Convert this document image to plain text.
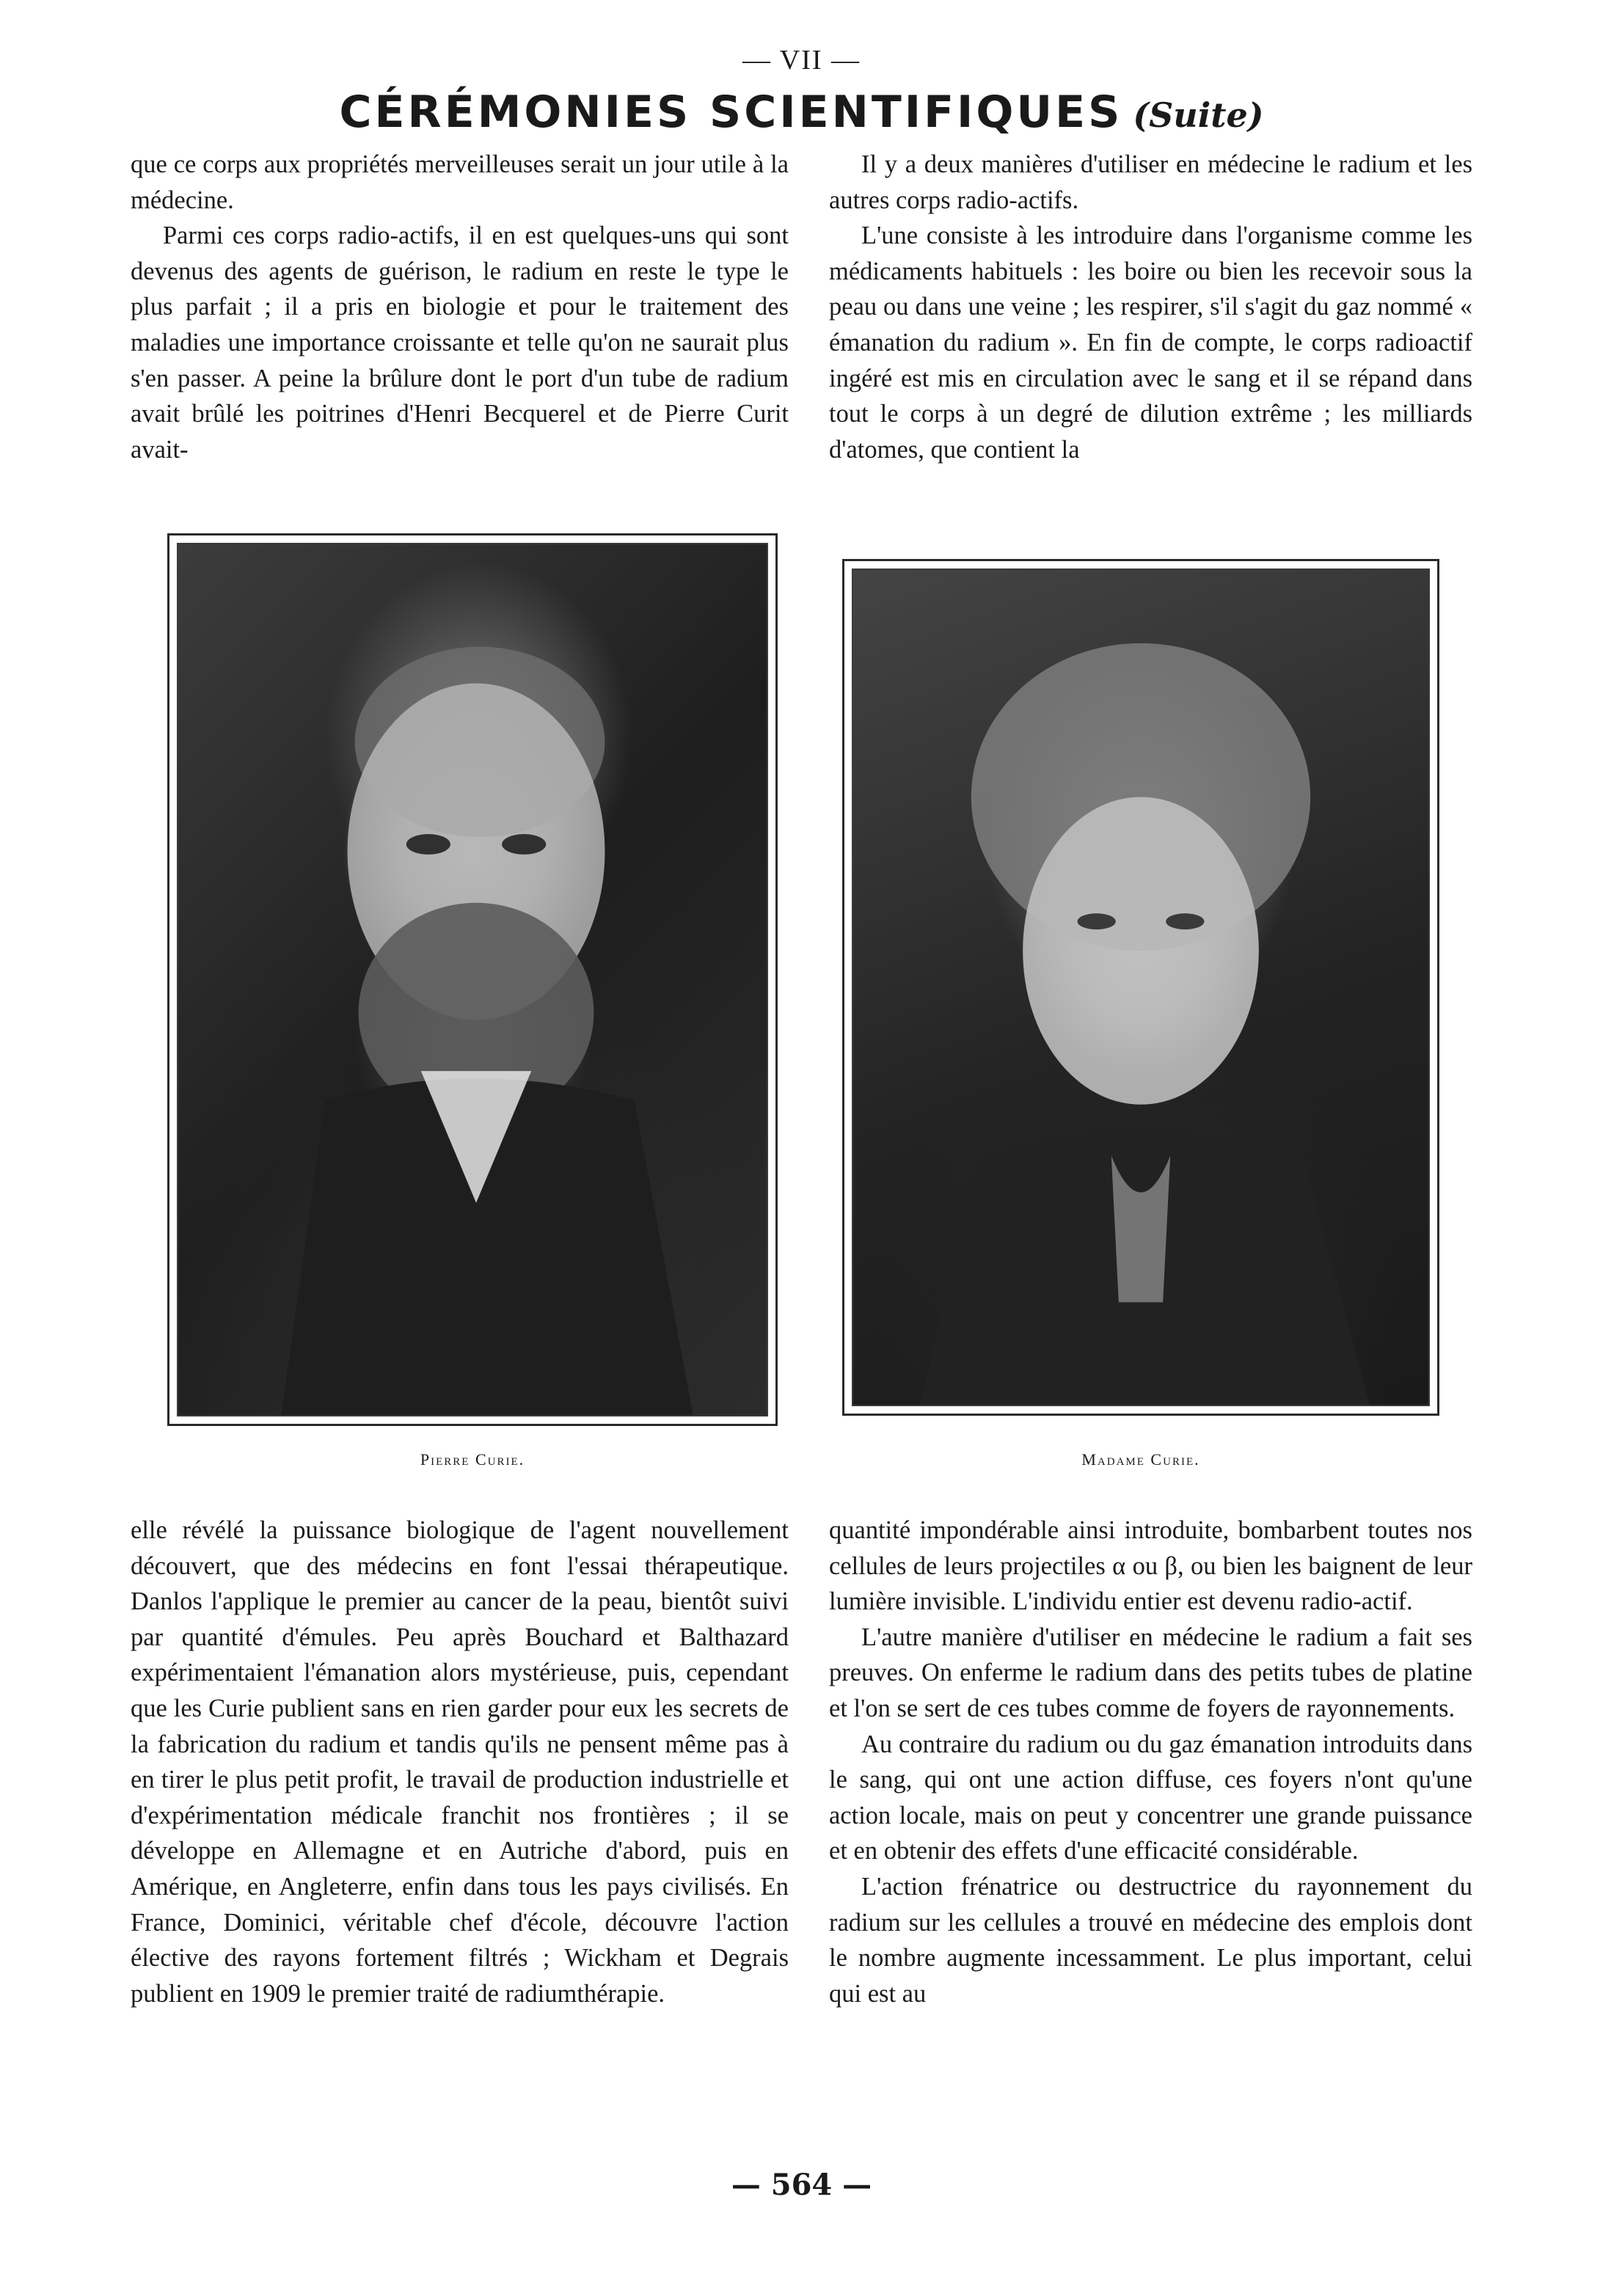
— VII —
CÉRÉMONIES SCIENTIFIQUES (Suite)

que ce corps aux propriétés merveilleuses serait un jour utile à la médecine.

Parmi ces corps radio-actifs, il en est quelques-uns qui sont devenus des agents de guérison, le radium en reste le type le plus parfait ; il a pris en biologie et pour le traitement des maladies une importance croissante et telle qu'on ne saurait plus s'en passer. A peine la brûlure dont le port d'un tube de radium avait brûlé les poitrines d'Henri Becquerel et de Pierre Curit avait-

Il y a deux manières d'utiliser en médecine le radium et les autres corps radio-actifs.

L'une consiste à les introduire dans l'organisme comme les médicaments habituels : les boire ou bien les recevoir sous la peau ou dans une veine ; les respirer, s'il s'agit du gaz nommé « émanation du radium ». En fin de compte, le corps radioactif ingéré est mis en circulation avec le sang et il se répand dans tout le corps à un degré de dilution extrême ; les milliards d'atomes, que contient la

Pierre Curie.	Madame Curie.

elle révélé la puissance biologique de l'agent nouvellement découvert, que des médecins en font l'essai thérapeutique. Danlos l'applique le premier au cancer de la peau, bientôt suivi par quantité d'émules. Peu après Bouchard et Balthazard expérimentaient l'émanation alors mystérieuse, puis, cependant que les Curie publient sans en rien garder pour eux les secrets de la fabrication du radium et tandis qu'ils ne pensent même pas à en tirer le plus petit profit, le travail de production industrielle et d'expérimentation médicale franchit nos frontières ; il se développe en Allemagne et en Autriche d'abord, puis en Amérique, en Angleterre, enfin dans tous les pays civilisés. En France, Dominici, véritable chef d'école, découvre l'action élective des rayons fortement filtrés ; Wickham et Degrais publient en 1909 le premier traité de radiumthérapie.

quantité impondérable ainsi introduite, bombarbent toutes nos cellules de leurs projectiles α ou β, ou bien les baignent de leur lumière invisible. L'individu entier est devenu radio-actif.

L'autre manière d'utiliser en médecine le radium a fait ses preuves. On enferme le radium dans des petits tubes de platine et l'on se sert de ces tubes comme de foyers de rayonnements.

Au contraire du radium ou du gaz émanation introduits dans le sang, qui ont une action diffuse, ces foyers n'ont qu'une action locale, mais on peut y concentrer une grande puissance et en obtenir des effets d'une efficacité considérable.

L'action frénatrice ou destructrice du rayonnement du radium sur les cellules a trouvé en médecine des emplois dont le nombre augmente incessamment. Le plus important, celui qui est au

— 564 —
